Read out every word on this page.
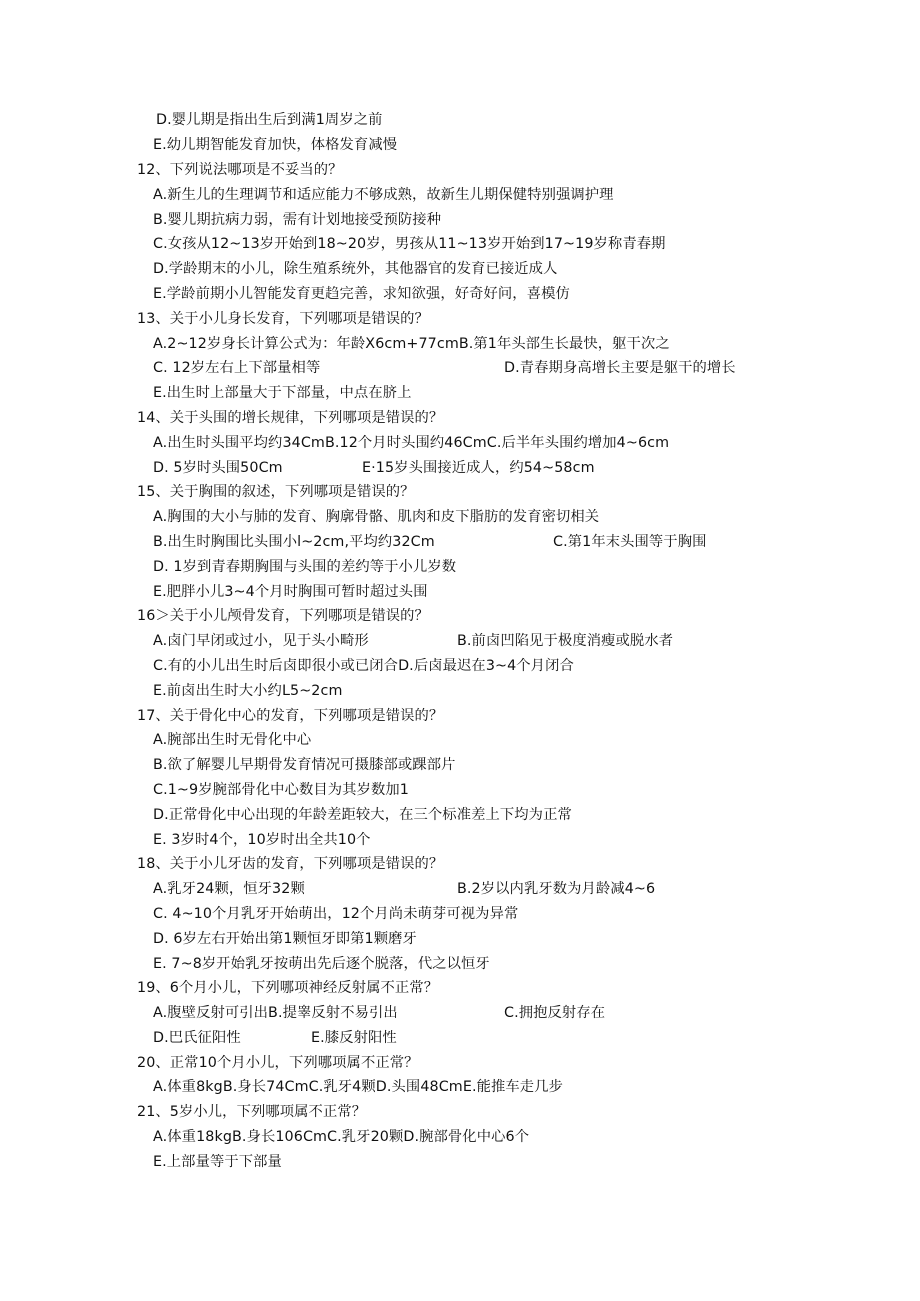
D.婴儿期是指出生后到满1周岁之前
E.幼儿期智能发育加快，体格发育减慢
12、下列说法哪项是不妥当的？
A.新生儿的生理调节和适应能力不够成熟，故新生儿期保健特别强调护理
B.婴儿期抗病力弱，需有计划地接受预防接种
C.女孩从12~13岁开始到18~20岁，男孩从11~13岁开始到17~19岁称青春期
D.学龄期末的小儿，除生殖系统外，其他器官的发育已接近成人
E.学龄前期小儿智能发育更趋完善，求知欲强，好奇好问，喜模仿
13、关于小儿身长发育，下列哪项是错误的？
A.2~12岁身长计算公式为：年龄X6cm+77cmB.第1年头部生长最快，躯干次之
C. 12岁左右上下部量相等	D.青春期身高增长主要是躯干的增长
E.出生时上部量大于下部量，中点在脐上
14、关于头围的增长规律，下列哪项是错误的？
A.出生时头围平均约34CmB.12个月时头围约46CmC.后半年头围约增加4~6cm
D. 5岁时头围50Cm	E·15岁头围接近成人，约54~58cm
15、关于胸围的叙述，下列哪项是错误的？
A.胸围的大小与肺的发育、胸廓骨骼、肌肉和皮下脂肪的发育密切相关
B.出生时胸围比头围小l~2cm,平均约32Cm	C.第1年末头围等于胸围
D. 1岁到青春期胸围与头围的差约等于小儿岁数
E.肥胖小儿3~4个月时胸围可暂时超过头围
16＞关于小儿颅骨发育，下列哪项是错误的？
A.卤门早闭或过小，见于头小畸形	B.前卤凹陷见于极度消瘦或脱水者
C.有的小儿出生时后卤即很小或已闭合D.后卤最迟在3~4个月闭合
E.前卤出生时大小约L5~2cm
17、关于骨化中心的发育，下列哪项是错误的？
A.腕部出生时无骨化中心
B.欲了解婴儿早期骨发育情况可摄膝部或踝部片
C.1~9岁腕部骨化中心数目为其岁数加1
D.正常骨化中心出现的年龄差距较大，在三个标准差上下均为正常
E. 3岁时4个，10岁时出全共10个
18、关于小儿牙齿的发育，下列哪项是错误的？
A.乳牙24颗，恒牙32颗	B.2岁以内乳牙数为月龄减4~6
C. 4~10个月乳牙开始萌出，12个月尚未萌芽可视为异常
D. 6岁左右开始出第1颗恒牙即第1颗磨牙
E. 7~8岁开始乳牙按萌出先后逐个脱落，代之以恒牙
19、6个月小儿，下列哪项神经反射属不正常？
A.腹壁反射可引出B.提睾反射不易引出	C.拥抱反射存在
D.巴氏征阳性	E.膝反射阳性
20、正常10个月小儿，下列哪项属不正常？
A.体重8kgB.身长74CmC.乳牙4颗D.头围48CmE.能推车走几步
21、5岁小儿，下列哪项属不正常？
A.体重18kgB.身长106CmC.乳牙20颗D.腕部骨化中心6个
E.上部量等于下部量
